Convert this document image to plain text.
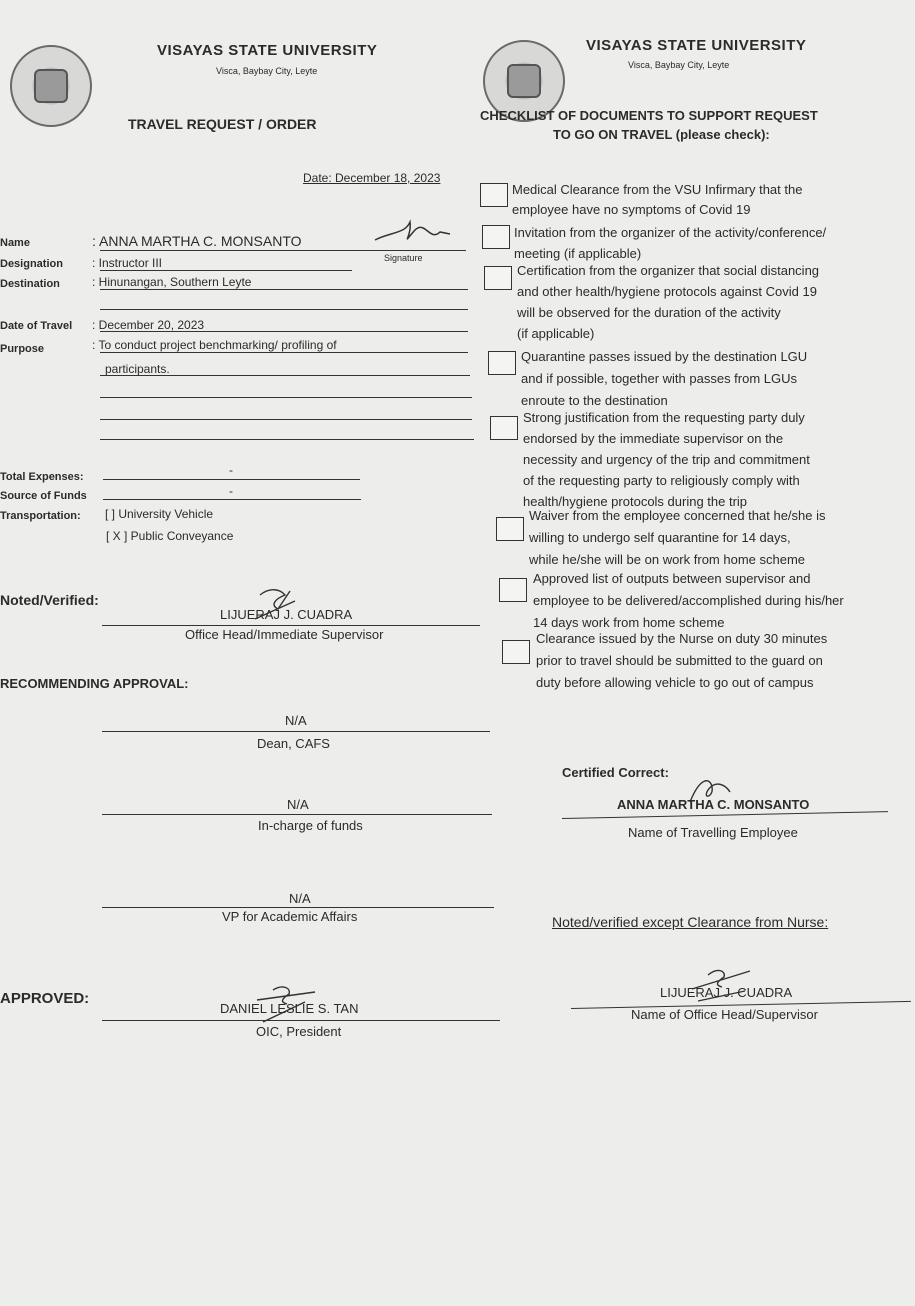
VISAYAS STATE UNIVERSITY
Visca, Baybay City, Leyte
TRAVEL REQUEST / ORDER
VISAYAS STATE UNIVERSITY
Visca, Baybay City, Leyte
CHECKLIST OF DOCUMENTS TO SUPPORT REQUEST
TO GO ON TRAVEL (please check):
Date: December 18, 2023
Name	: ANNA MARTHA C. MONSANTO
Signature
Designation : Instructor III
Destination	: Hinunangan, Southern Leyte
Date of Travel : December 20, 2023
Purpose	: To conduct project benchmarking/ profiling of
participants.
Total Expenses:	-
Source of Funds	-
Transportation: [ ] University Vehicle
[ X ] Public Conveyance
Noted/Verified:
LIJUERAJ J. CUADRA
Office Head/Immediate Supervisor
RECOMMENDING APPROVAL:
N/A
Dean, CAFS
N/A
In-charge of funds
N/A
VP for Academic Affairs
APPROVED:
DANIEL LESLIE S. TAN
OIC, President
Medical Clearance from the VSU Infirmary that the
employee have no symptoms of Covid 19
Invitation from the organizer of the activity/conference/
meeting (if applicable)
Certification from the organizer that social distancing
and other health/hygiene protocols against Covid 19
will be observed for the duration of the activity
(if applicable)
Quarantine passes issued by the destination LGU
and if possible, together with passes from LGUs
enroute to the destination
Strong justification from the requesting party duly
endorsed by the immediate supervisor on the
necessity and urgency of the trip and commitment
of the requesting party to religiously comply with
health/hygiene protocols during the trip
Waiver from the employee concerned that he/she is
willing to undergo self quarantine for 14 days,
while he/she will be on work from home scheme
Approved list of outputs between supervisor and
employee to be delivered/accomplished during his/her
14 days work from home scheme
Clearance issued by the Nurse on duty 30 minutes
prior to travel should be submitted to the guard on
duty before allowing vehicle to go out of campus
Certified Correct:
ANNA MARTHA C. MONSANTO
Name of Travelling Employee
Noted/verified except Clearance from Nurse:
LIJUERAJ J. CUADRA
Name of Office Head/Supervisor
